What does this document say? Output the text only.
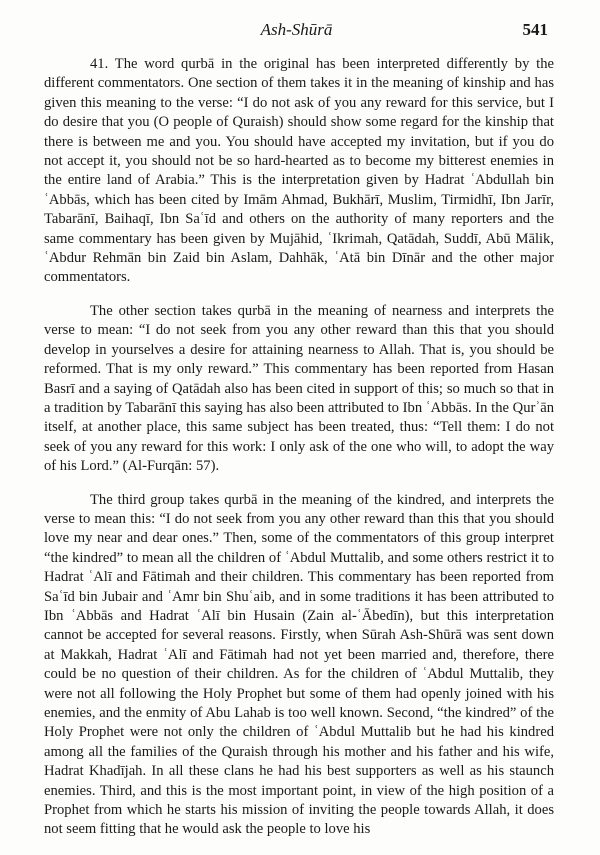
Ash-Shūrā	541

41. The word qurbā in the original has been interpreted differently by the different commentators. One section of them takes it in the meaning of kinship and has given this meaning to the verse: “I do not ask of you any reward for this service, but I do desire that you (O people of Quraish) should show some regard for the kinship that there is between me and you. You should have accepted my invitation, but if you do not accept it, you should not be so hard-hearted as to become my bitterest enemies in the entire land of Arabia.” This is the interpretation given by Hadrat ʿAbdullah bin ʿAbbās, which has been cited by Imām Ahmad, Bukhārī, Muslim, Tirmidhī, Ibn Jarīr, Tabarānī, Baihaqī, Ibn Saʿīd and others on the authority of many reporters and the same commentary has been given by Mujāhid, ʿIkrimah, Qatādah, Suddī, Abū Mālik, ʿAbdur Rehmān bin Zaid bin Aslam, Dahhāk, ʿAtā bin Dīnār and the other major commentators.

The other section takes qurbā in the meaning of nearness and interprets the verse to mean: “I do not seek from you any other reward than this that you should develop in yourselves a desire for attaining nearness to Allah. That is, you should be reformed. That is my only reward.” This commentary has been reported from Hasan Basrī and a saying of Qatādah also has been cited in support of this; so much so that in a tradition by Tabarānī this saying has also been attributed to Ibn ʿAbbās. In the Qurʾān itself, at another place, this same subject has been treated, thus: “Tell them: I do not seek of you any reward for this work: I only ask of the one who will, to adopt the way of his Lord.” (Al-Furqān: 57).

The third group takes qurbā in the meaning of the kindred, and interprets the verse to mean this: “I do not seek from you any other reward than this that you should love my near and dear ones.” Then, some of the commentators of this group interpret “the kindred” to mean all the children of ʿAbdul Muttalib, and some others restrict it to Hadrat ʿAlī and Fātimah and their children. This commentary has been reported from Saʿīd bin Jubair and ʿAmr bin Shuʿaib, and in some traditions it has been attributed to Ibn ʿAbbās and Hadrat ʿAlī bin Husain (Zain al-ʿĀbedīn), but this interpretation cannot be accepted for several reasons. Firstly, when Sūrah Ash-Shūrā was sent down at Makkah, Hadrat ʿAlī and Fātimah had not yet been married and, therefore, there could be no question of their children. As for the children of ʿAbdul Muttalib, they were not all following the Holy Prophet but some of them had openly joined with his enemies, and the enmity of Abu Lahab is too well known. Second, “the kindred” of the Holy Prophet were not only the children of ʿAbdul Muttalib but he had his kindred among all the families of the Quraish through his mother and his father and his wife, Hadrat Khadījah. In all these clans he had his best supporters as well as his staunch enemies. Third, and this is the most important point, in view of the high position of a Prophet from which he starts his mission of inviting the people towards Allah, it does not seem fitting that he would ask the people to love his
